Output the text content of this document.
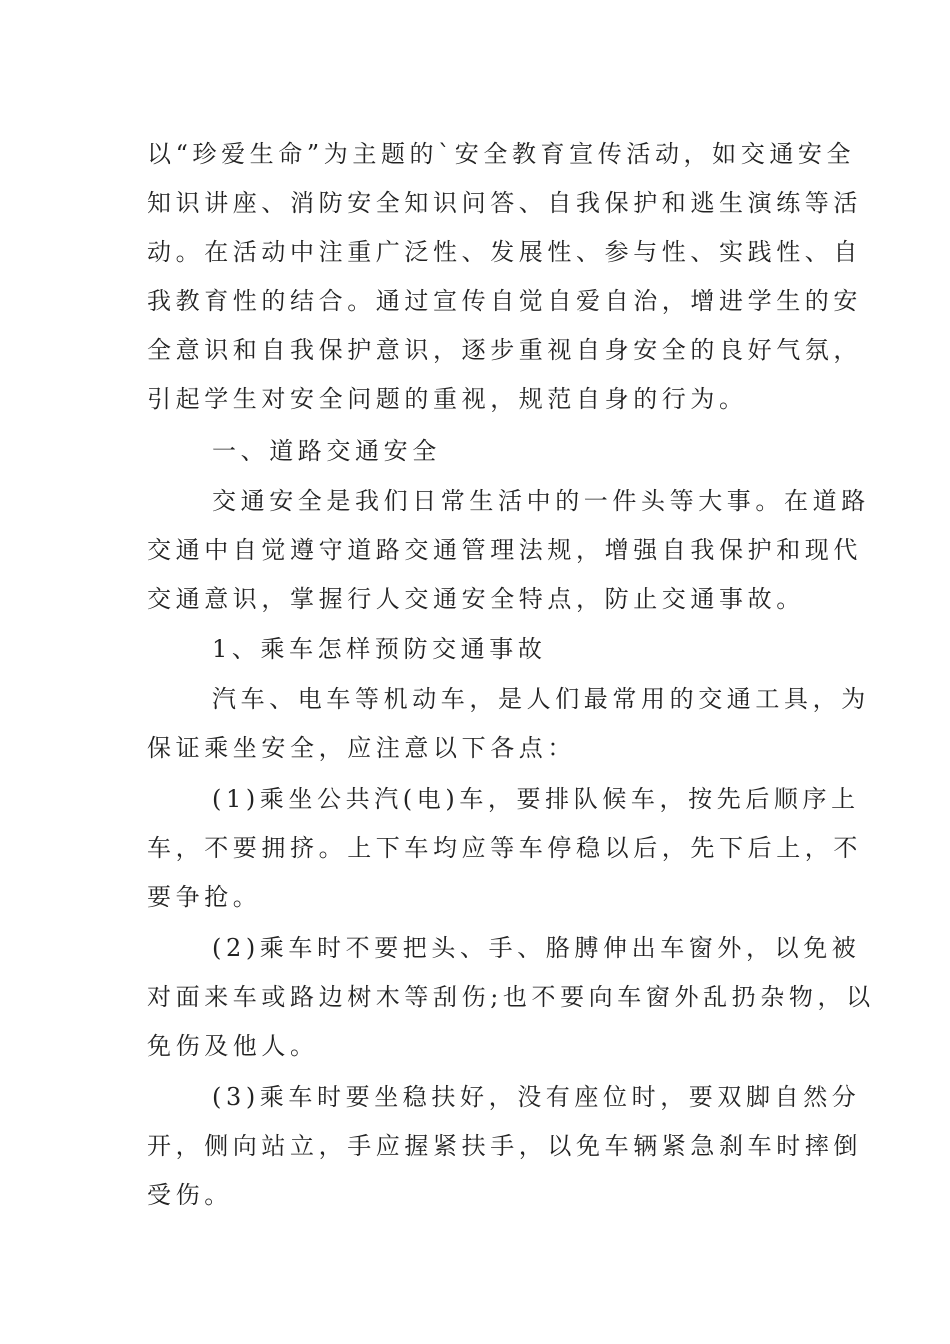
以“珍爱生命”为主题的`安全教育宣传活动，如交通安全
知识讲座、消防安全知识问答、自我保护和逃生演练等活
动。在活动中注重广泛性、发展性、参与性、实践性、自
我教育性的结合。通过宣传自觉自爱自治，增进学生的安
全意识和自我保护意识，逐步重视自身安全的良好气氛，
引起学生对安全问题的重视，规范自身的行为。
一、道路交通安全
交通安全是我们日常生活中的一件头等大事。在道路
交通中自觉遵守道路交通管理法规，增强自我保护和现代
交通意识，掌握行人交通安全特点，防止交通事故。
1、乘车怎样预防交通事故
汽车、电车等机动车，是人们最常用的交通工具，为
保证乘坐安全，应注意以下各点：
(1)乘坐公共汽(电)车，要排队候车，按先后顺序上
车，不要拥挤。上下车均应等车停稳以后，先下后上，不
要争抢。
(2)乘车时不要把头、手、胳膊伸出车窗外，以免被
对面来车或路边树木等刮伤;也不要向车窗外乱扔杂物，以
免伤及他人。
(3)乘车时要坐稳扶好，没有座位时，要双脚自然分
开，侧向站立，手应握紧扶手，以免车辆紧急刹车时摔倒
受伤。
